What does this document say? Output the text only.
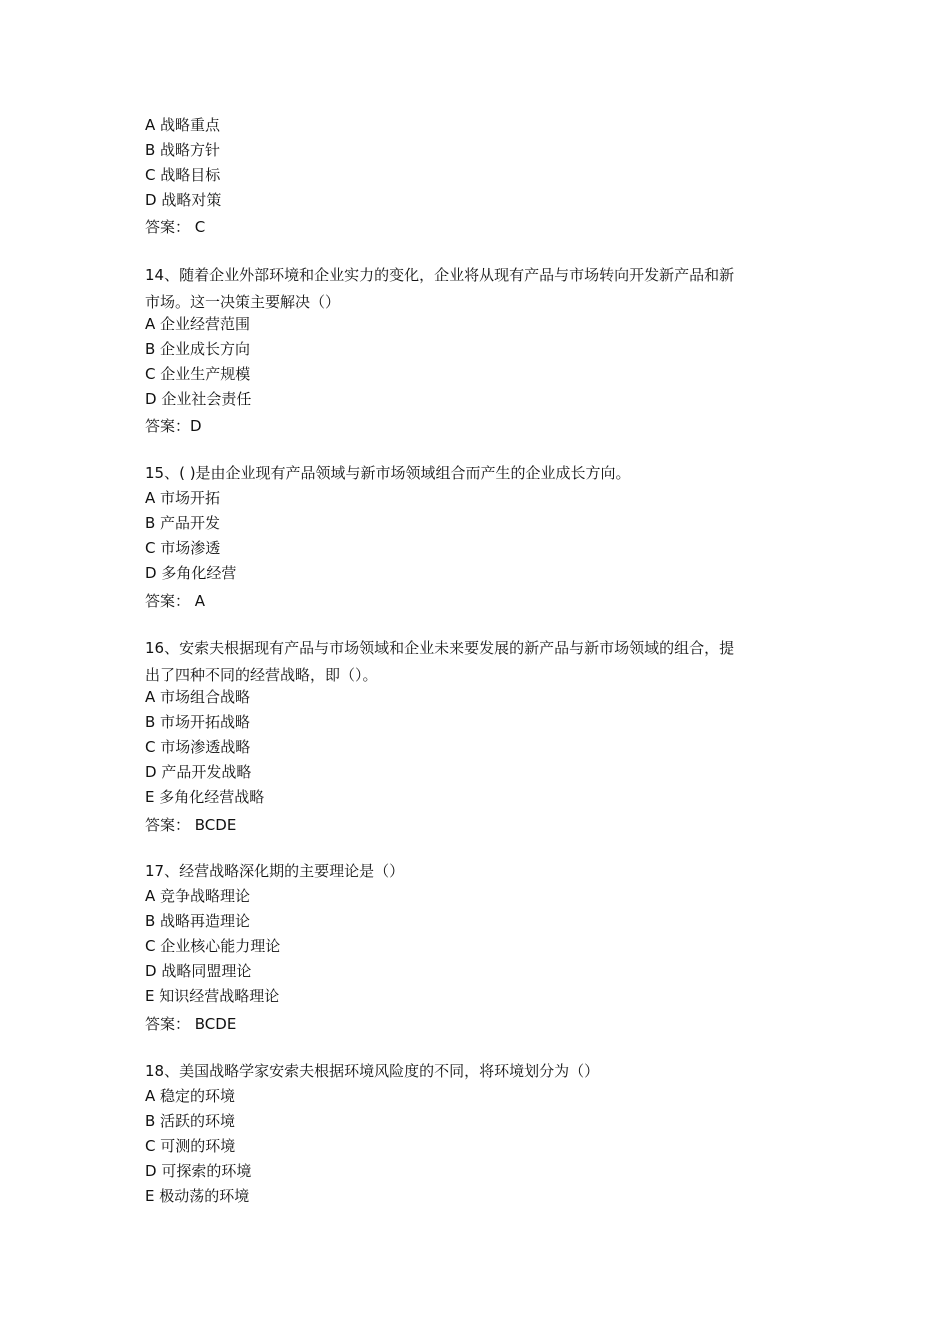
A 战略重点
B 战略方针
C 战略目标
D 战略对策
答案： C
14、随着企业外部环境和企业实力的变化，企业将从现有产品与市场转向开发新产品和新
市场。这一决策主要解决（）
A 企业经营范围
B 企业成长方向
C 企业生产规模
D 企业社会责任
答案：D
15、( )是由企业现有产品领域与新市场领域组合而产生的企业成长方向。
A 市场开拓
B 产品开发
C 市场渗透
D 多角化经营
答案： A
16、安索夫根据现有产品与市场领域和企业未来要发展的新产品与新市场领域的组合，提
出了四种不同的经营战略，即（）。
A 市场组合战略
B 市场开拓战略
C 市场渗透战略
D 产品开发战略
E 多角化经营战略
答案： BCDE
17、经营战略深化期的主要理论是（）
A 竞争战略理论
B 战略再造理论
C 企业核心能力理论
D 战略同盟理论
E 知识经营战略理论
答案： BCDE
18、美国战略学家安索夫根据环境风险度的不同，将环境划分为（）
A 稳定的环境
B 活跃的环境
C 可测的环境
D 可探索的环境
E 极动荡的环境
